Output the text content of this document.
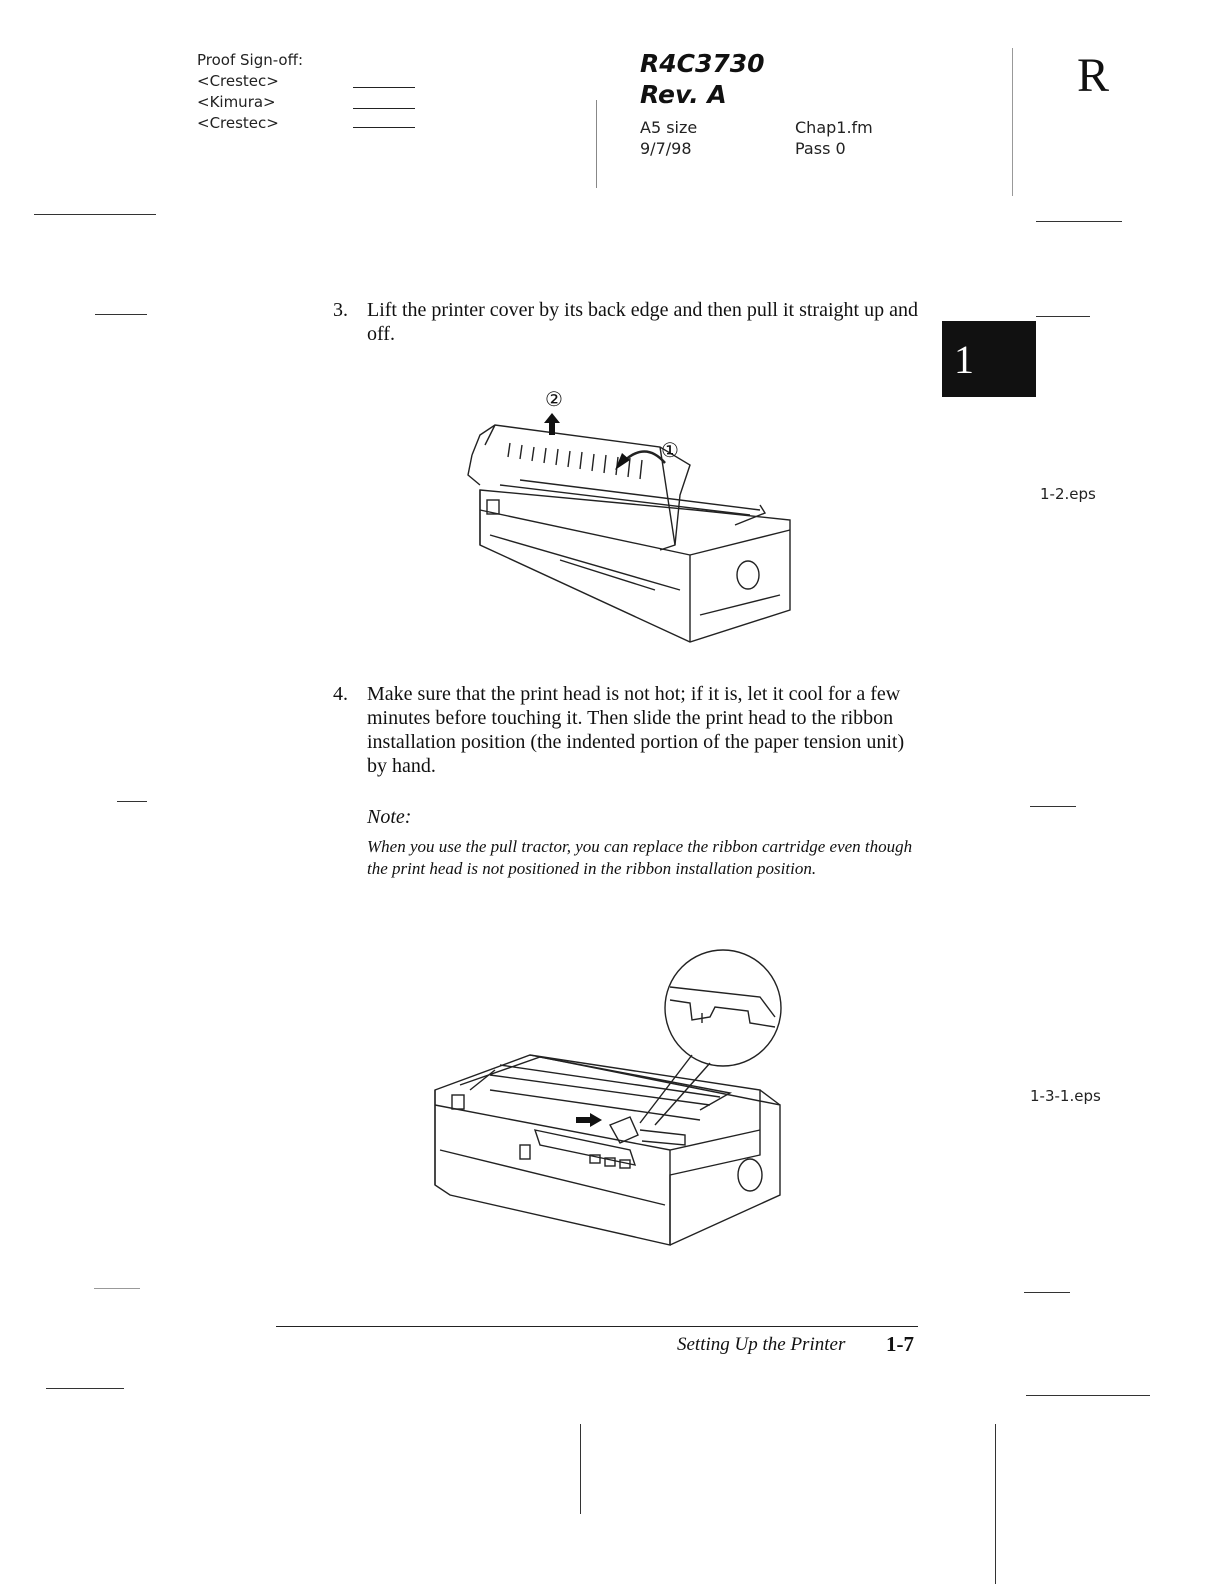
Proof Sign-off:
<Crestec>
<Kimura>
<Crestec>
R4C3730
Rev. A
A5 size
9/7/98
Chap1.fm
Pass 0
R
1
3. Lift the printer cover by its back edge and then pull it straight up and off.
②
①
1-2.eps
4. Make sure that the print head is not hot; if it is, let it cool for a few minutes before touching it. Then slide the print head to the ribbon installation position (the indented portion of the paper tension unit) by hand.
Note:
When you use the pull tractor, you can replace the ribbon cartridge even though the print head is not positioned in the ribbon installation position.
1-3-1.eps
Setting Up the Printer 1-7
